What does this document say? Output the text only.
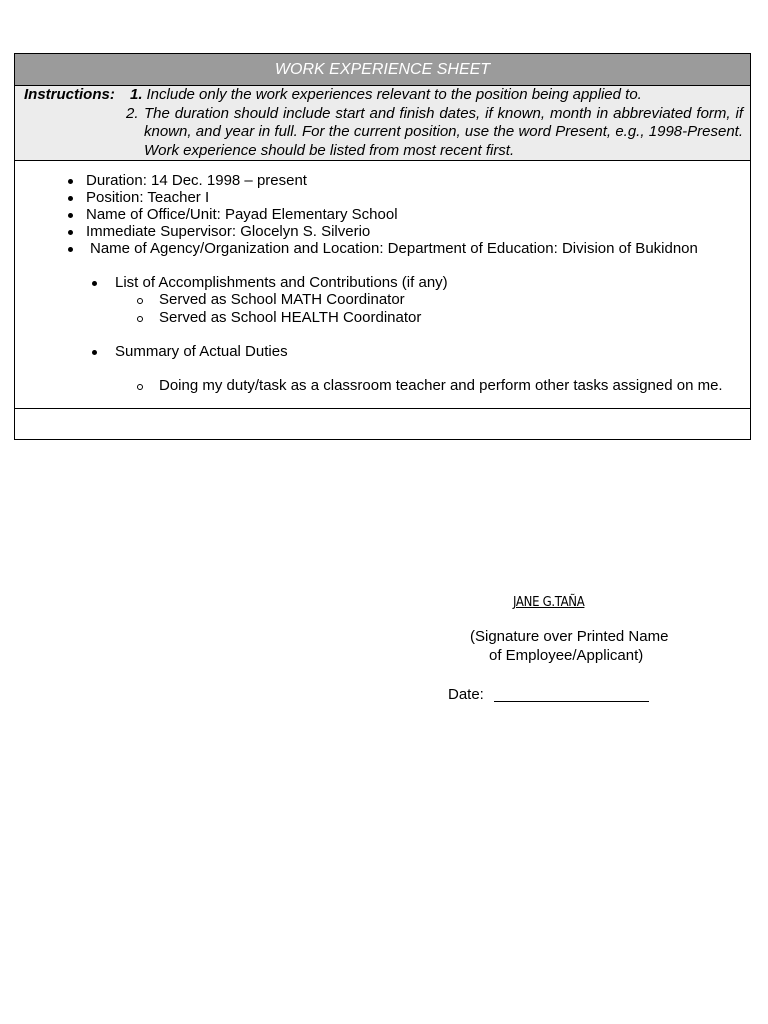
WORK EXPERIENCE SHEET
Instructions: 1. Include only the work experiences relevant to the position being applied to.
2. The duration should include start and finish dates, if known, month in abbreviated form, if known, and year in full. For the current position, use the word Present, e.g., 1998-Present. Work experience should be listed from most recent first.
Duration: 14 Dec. 1998 – present
Position: Teacher I
Name of Office/Unit: Payad Elementary School
Immediate Supervisor: Glocelyn S. Silverio
Name of Agency/Organization and Location: Department of Education: Division of Bukidnon
List of Accomplishments and Contributions (if any)
Served as School MATH Coordinator
Served as School HEALTH Coordinator
Summary of Actual Duties
Doing my duty/task as a classroom teacher and perform other tasks assigned on me.
JANE G.TAÑA
(Signature over Printed Name
of Employee/Applicant)
Date:
